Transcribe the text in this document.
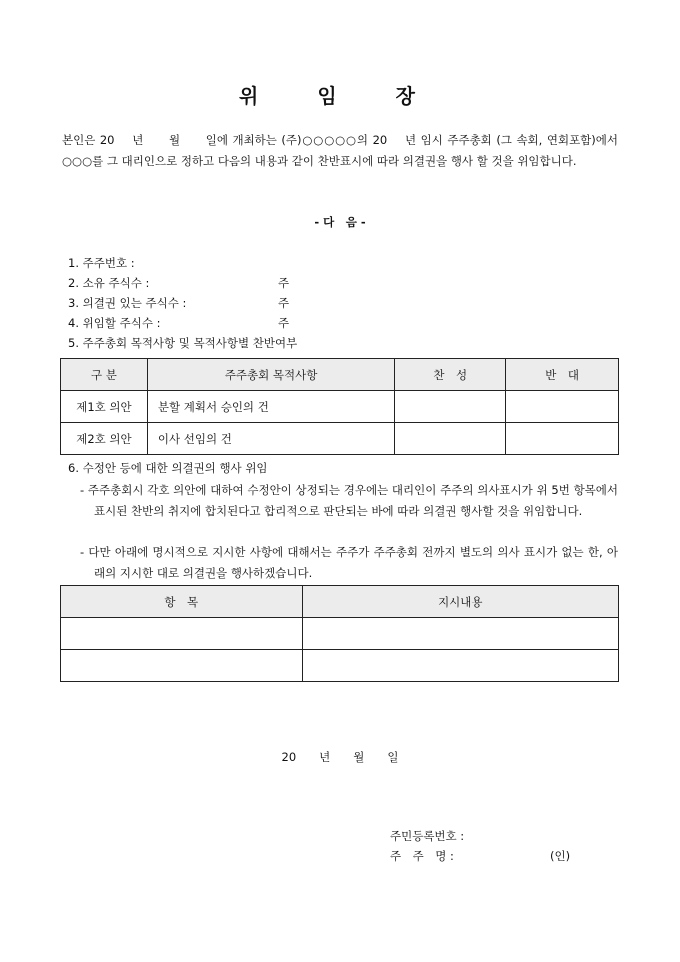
위 임 장
본인은 20　 년　　월　　일에 개최하는 (주)○○○○○의 20　 년 임시 주주총회 (그 속회, 연회포함)에서 ○○○를 그 대리인으로 정하고 다음의 내용과 같이 찬반표시에 따라 의결권을 행사 할 것을 위임합니다.
- 다　음 -
1. 주주번호 :
2. 소유 주식수 :	주
3. 의결권 있는 주식수 :	주
4. 위임할 주식수 :	주
5. 주주총회 목적사항 및 목적사항별 찬반여부
구 분	주주총회 목적사항	찬　성	반　대
제1호 의안	분할 계획서 승인의 건		
제2호 의안	이사 선임의 건		
6. 수정안 등에 대한 의결권의 행사 위임
- 주주총회시 각호 의안에 대하여 수정안이 상정되는 경우에는 대리인이 주주의 의사표시가 위 5번 항목에서 표시된 찬반의 취지에 합치된다고 합리적으로 판단되는 바에 따라 의결권 행사할 것을 위임합니다.
- 다만 아래에 명시적으로 지시한 사항에 대해서는 주주가 주주총회 전까지 별도의 의사 표시가 없는 한, 아래의 지시한 대로 의결권을 행사하겠습니다.
항　목	지시내용

20　　년　　월　　일
주민등록번호 :
주　주　명 :	(인)
